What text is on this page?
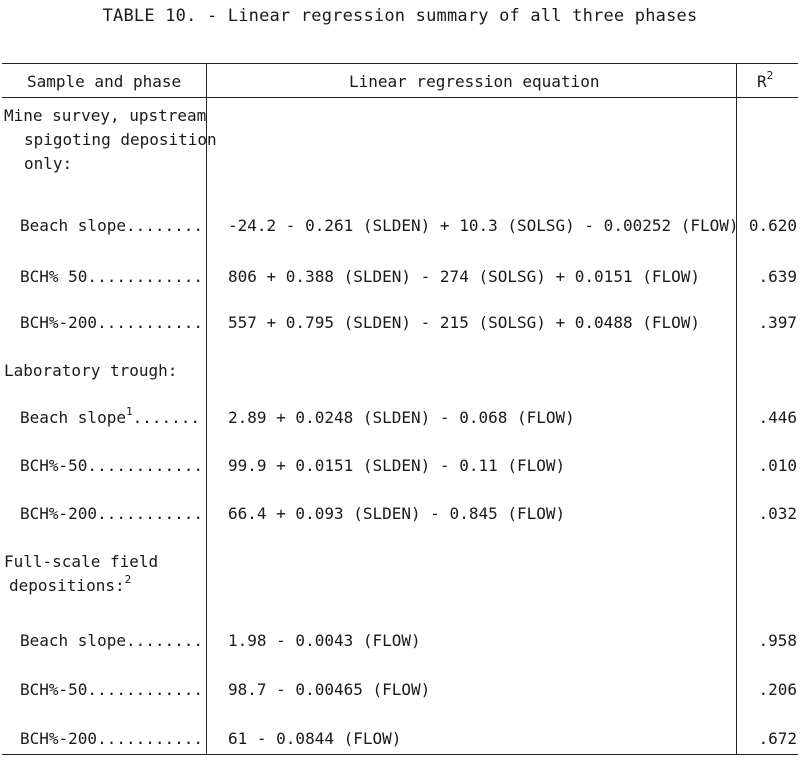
TABLE 10. - Linear regression summary of all three phases
Sample and phase	Linear regression equation	$R^2$
Mine survey, upstream
spigoting deposition
only:
Beach slope........ -24.2 - 0.261 (SLDEN) + 10.3 (SOLSG) - 0.00252 (FLOW) 0.620
BCH% 50............ 806 + 0.388 (SLDEN) - 274 (SOLSG) + 0.0151 (FLOW)	.639
BCH%-200........... 557 + 0.795 (SLDEN) - 215 (SOLSG) + 0.0488 (FLOW)	.397
Laboratory trough:
Beach slope$^1$....... 2.89 + 0.0248 (SLDEN) - 0.068 (FLOW)	.446
BCH%-50............ 99.9 + 0.0151 (SLDEN) - 0.11 (FLOW)	.010
BCH%-200........... 66.4 + 0.093 (SLDEN) - 0.845 (FLOW)	.032
Full-scale field
depositions:$^2$
Beach slope........ 1.98 - 0.0043 (FLOW)	.958
BCH%-50............ 98.7 - 0.00465 (FLOW)	.206
BCH%-200........... 61 - 0.0844 (FLOW)	.672
